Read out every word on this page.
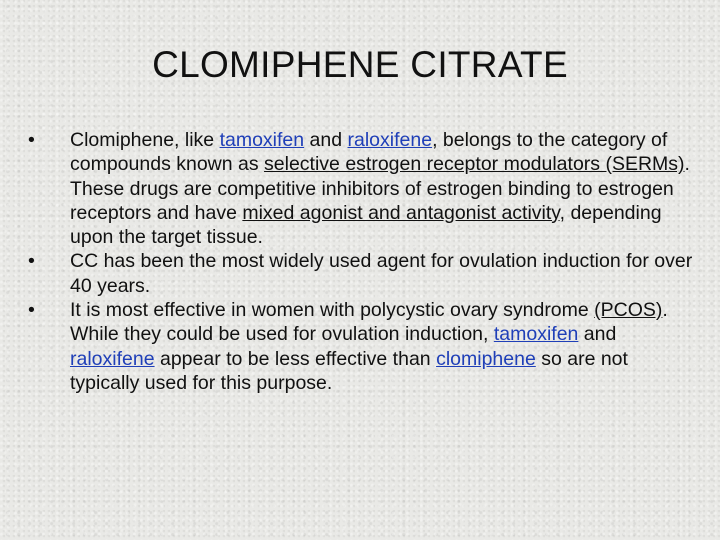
CLOMIPHENE CITRATE
• Clomiphene, like tamoxifen and raloxifene, belongs to the category of compounds known as selective estrogen receptor modulators (SERMs). These drugs are competitive inhibitors of estrogen binding to estrogen receptors and have mixed agonist and antagonist activity, depending upon the target tissue.
• CC has been the most widely used agent for ovulation induction for over 40 years.
• It is most effective in women with polycystic ovary syndrome (PCOS). While they could be used for ovulation induction, tamoxifen and raloxifene appear to be less effective than clomiphene so are not typically used for this purpose.
